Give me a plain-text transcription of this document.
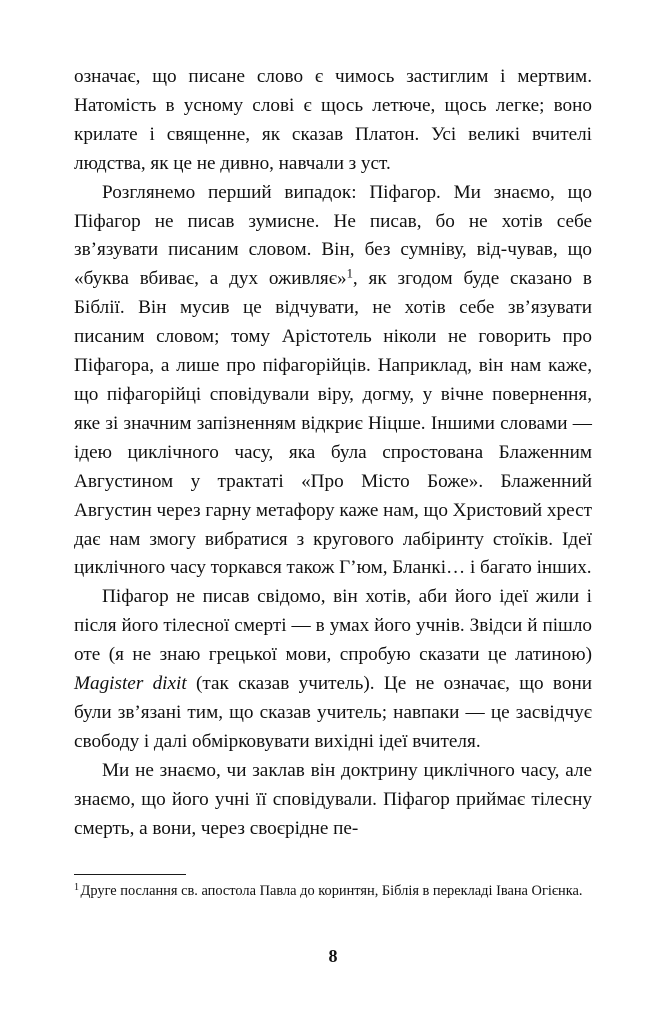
означає, що писане слово є чимось застиглим і мертвим. Натомість в усному слові є щось летюче, щось легке; воно крилате і священне, як сказав Платон. Усі великі вчителі людства, як це не дивно, навчали з уст.

Розглянемо перший випадок: Піфагор. Ми знаємо, що Піфагор не писав зумисне. Не писав, бо не хотів себе зв’язувати писаним словом. Він, без сумніву, від-чував, що «буква вбиває, а дух оживляє»$^1$, як згодом буде сказано в Біблії. Він мусив це відчувати, не хотів себе зв’язувати писаним словом; тому Арістотель ніколи не говорить про Піфагора, а лише про піфагорійців. Наприклад, він нам каже, що піфагорійці сповідували віру, догму, у вічне повернення, яке зі значним запізненням відкриє Ніцше. Іншими словами — ідею циклічного часу, яка була спростована Блаженним Августином у трактаті «Про Місто Боже». Блаженний Августин через гарну метафору каже нам, що Христовий хрест дає нам змогу вибратися з кругового лабіринту стоїків. Ідеї циклічного часу торкався також Г’юм, Бланкі… і багато інших.

Піфагор не писав свідомо, він хотів, аби його ідеї жили і після його тілесної смерті — в умах його учнів. Звідси й пішло оте (я не знаю грецької мови, спробую сказати це латиною) Magister dixit (так сказав учитель). Це не означає, що вони були зв’язані тим, що сказав учитель; навпаки — це засвідчує свободу і далі обмірковувати вихідні ідеї вчителя.

Ми не знаємо, чи заклав він доктрину циклічного часу, але знаємо, що його учні її сповідували. Піфагор приймає тілесну смерть, а вони, через своєрідне пе-

$^1$ Друге послання св. апостола Павла до коринтян, Біблія в перекладі Івана Огієнка.

8
